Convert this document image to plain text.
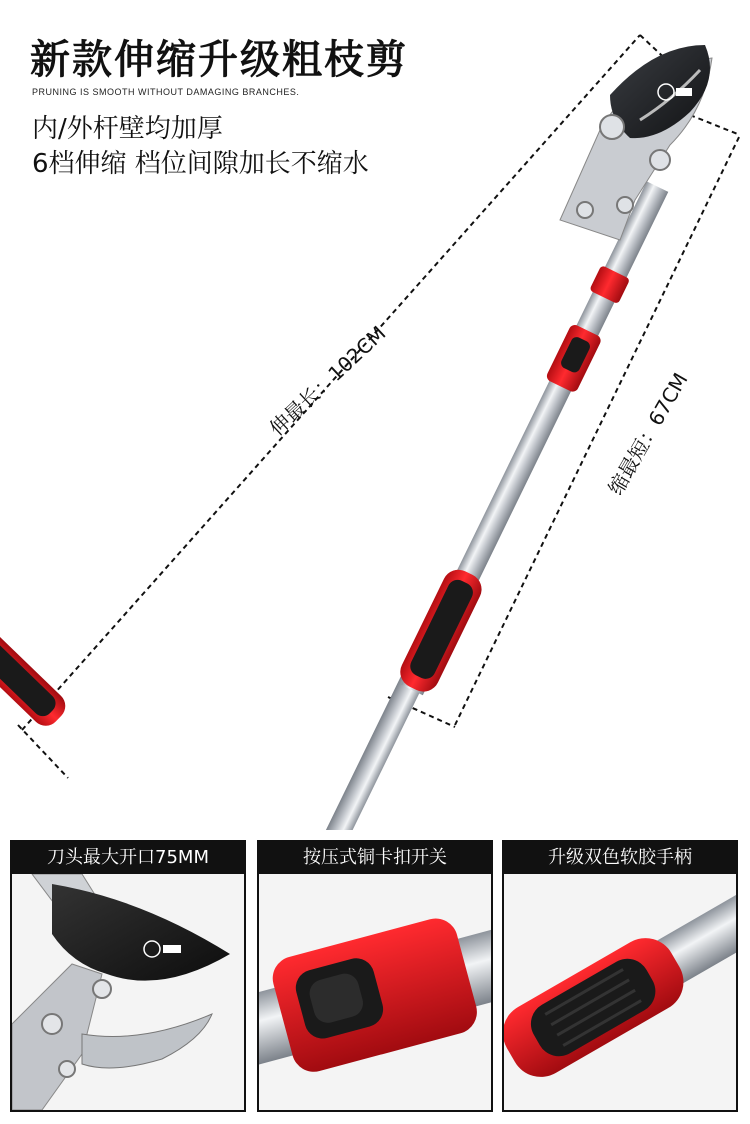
新款伸缩升级粗枝剪
PRUNING IS SMOOTH WITHOUT DAMAGING BRANCHES.
内/外杆壁均加厚
6档伸缩 档位间隙加长不缩水
伸最长：102CM	缩最短：67CM
刀头最大开口75MM	按压式铜卡扣开关	升级双色软胶手柄
